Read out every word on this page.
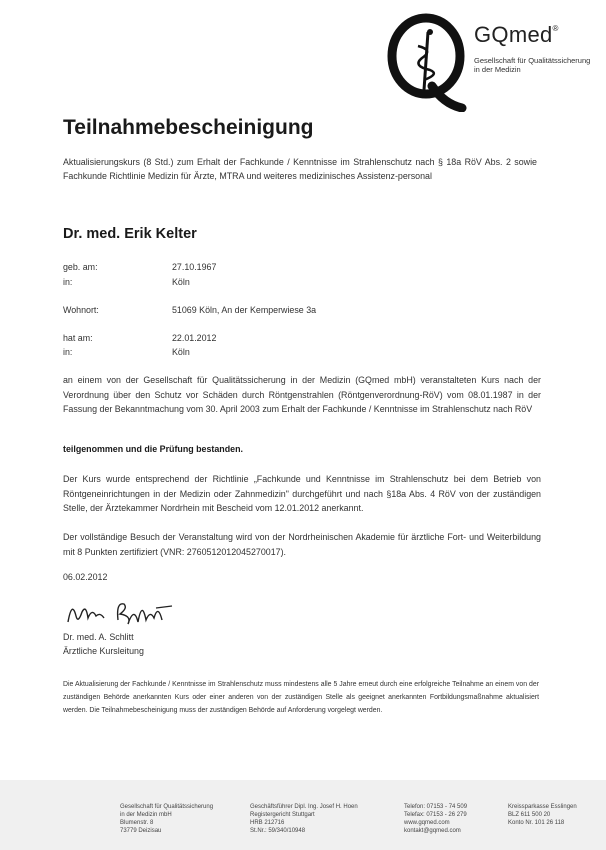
GQmed®
Gesellschaft für Qualitätssicherung
in der Medizin
Teilnahmebescheinigung
Aktualisierungskurs (8 Std.) zum Erhalt der Fachkunde / Kenntnisse im Strahlenschutz nach § 18a RöV Abs. 2 sowie Fachkunde Richtlinie Medizin für Ärzte, MTRA und weiteres medizinisches Assistenz-personal
Dr. med. Erik Kelter
geb. am:	27.10.1967
in:	Köln
Wohnort:	51069 Köln, An der Kemperwiese 3a
hat am:	22.01.2012
in:	Köln
an einem von der Gesellschaft für Qualitätssicherung in der Medizin (GQmed mbH) veranstalteten Kurs nach der Verordnung über den Schutz vor Schäden durch Röntgenstrahlen (Röntgenverordnung-RöV) vom 08.01.1987 in der Fassung der Bekanntmachung vom 30. April 2003 zum Erhalt der Fachkunde / Kenntnisse im Strahlenschutz nach RöV
teilgenommen und die Prüfung bestanden.
Der Kurs wurde entsprechend der Richtlinie „Fachkunde und Kenntnisse im Strahlenschutz bei dem Betrieb von Röntgeneinrichtungen in der Medizin oder Zahnmedizin" durchgeführt und nach §18a Abs. 4 RöV von der zuständigen Stelle, der Ärztekammer Nordrhein mit Bescheid vom 12.01.2012 anerkannt.
Der vollständige Besuch der Veranstaltung wird von der Nordrheinischen Akademie für ärztliche Fort- und Weiterbildung mit 8 Punkten zertifiziert (VNR: 2760512012045270017).
06.02.2012
Dr. med. A. Schlitt
Ärztliche Kursleitung
Die Aktualisierung der Fachkunde / Kenntnisse im Strahlenschutz muss mindestens alle 5 Jahre erneut durch eine erfolgreiche Teilnahme an einem von der zuständigen Behörde anerkannten Kurs oder einer anderen von der zuständigen Stelle als geeignet anerkannten Fortbildungsmaßnahme aktualisiert werden. Die Teilnahmebescheinigung muss der zuständigen Behörde auf Anforderung vorgelegt werden.
Gesellschaft für Qualitätssicherung
in der Medizin mbH
Blumenstr. 8
73779 Deizisau
Geschäftsführer Dipl. Ing. Josef H. Hoen
Registergericht Stuttgart
HRB 212716
St.Nr.: 59/340/10948
Telefon: 07153 - 74 509
Telefax: 07153 - 26 279
www.gqmed.com
kontakt@gqmed.com
Kreissparkasse Esslingen
BLZ 611 500 20
Konto Nr. 101 26 118
